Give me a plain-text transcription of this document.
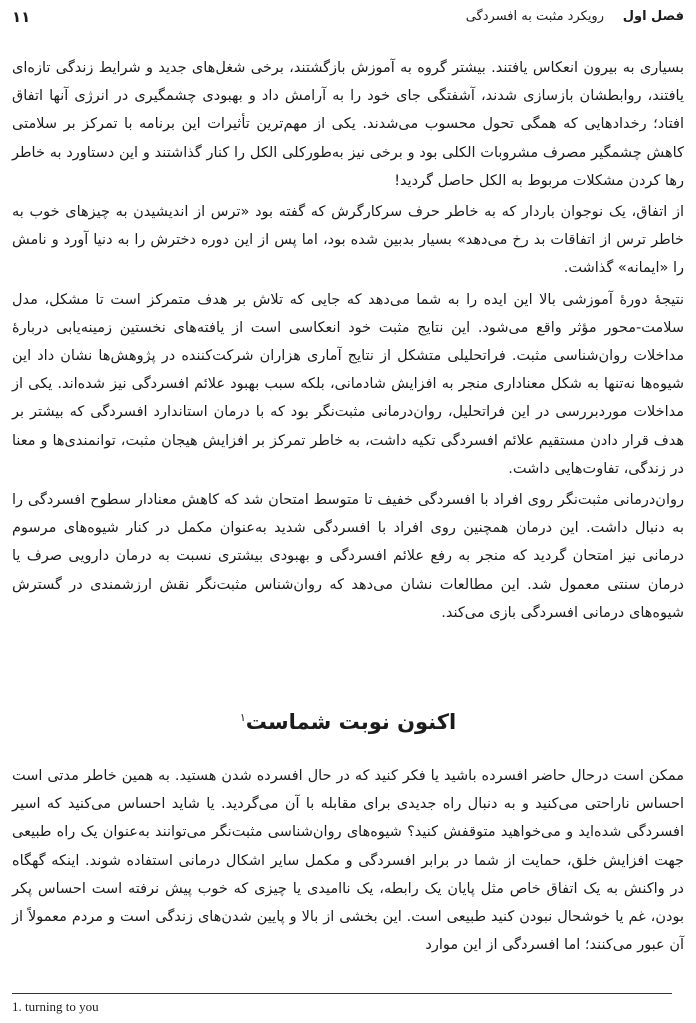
۱۱	رویکرد مثبت به افسردگی فصل اول

بسیاری به بیرون انعکاس یافتند. بیشتر گروه به آموزش بازگشتند، برخی شغل‌های جدید و شرایط زندگی تازه‌ای یافتند، روابطشان بازسازی شدند، آشفتگی جای خود را به آرامش داد و بهبودی چشمگیری در انرژی آنها اتفاق افتاد؛ رخدادهایی که همگی تحول محسوب می‌شدند. یکی از مهم‌ترین تأثیرات این برنامه با تمرکز بر سلامتی کاهش چشمگیر مصرف مشروبات الکلی بود و برخی نیز به‌طورکلی الکل را کنار گذاشتند و این دستاورد به خاطر رها کردن مشکلات مربوط به الکل حاصل گردید!

از اتفاق، یک نوجوان باردار که به خاطر حرف سرکارگرش که گفته بود «ترس از اندیشیدن به چیزهای خوب به خاطر ترس از اتفاقات بد رخ می‌دهد» بسیار بدبین شده بود، اما پس از این دوره دخترش را به دنیا آورد و نامش را «ایمانه» گذاشت.

نتیجهٔ دورهٔ آموزشی بالا این ایده را به شما می‌دهد که جایی که تلاش بر هدف متمرکز است تا مشکل، مدل سلامت-محور مؤثر واقع می‌شود. این نتایج مثبت خود انعکاسی است از یافته‌های نخستین زمینه‌یابی دربارهٔ مداخلات روان‌شناسی مثبت. فراتحلیلی متشکل از نتایج آماری هزاران شرکت‌کننده در پژوهش‌ها نشان داد این شیوه‌ها نه‌تنها به شکل معناداری منجر به افزایش شادمانی، بلکه سبب بهبود علائم افسردگی نیز شده‌اند. یکی از مداخلات موردبررسی در این فراتحلیل، روان‌درمانی مثبت‌نگر بود که با درمان استاندارد افسردگی که بیشتر بر هدف قرار دادن مستقیم علائم افسردگی تکیه داشت، به خاطر تمرکز بر افزایش هیجان مثبت، توانمندی‌ها و معنا در زندگی، تفاوت‌هایی داشت.

روان‌درمانی مثبت‌نگر روی افراد با افسردگی خفیف تا متوسط امتحان شد که کاهش معنادار سطوح افسردگی را به دنبال داشت. این درمان همچنین روی افراد با افسردگی شدید به‌عنوان مکمل در کنار شیوه‌های مرسوم درمانی نیز امتحان گردید که منجر به رفع علائم افسردگی و بهبودی بیشتری نسبت به درمان دارویی صرف یا درمان سنتی معمول شد. این مطالعات نشان می‌دهد که روان‌شناس مثبت‌نگر نقش ارزشمندی در گسترش شیوه‌های درمانی افسردگی بازی می‌کند.

اکنون نوبت شماست$^۱$

ممکن است درحال حاضر افسرده باشید یا فکر کنید که در حال افسرده شدن هستید. به همین خاطر مدتی است احساس ناراحتی می‌کنید و به دنبال راه جدیدی برای مقابله با آن می‌گردید. یا شاید احساس می‌کنید که اسیر افسردگی شده‌اید و می‌خواهید متوقفش کنید؟ شیوه‌های روان‌شناسی مثبت‌نگر می‌توانند به‌عنوان یک راه طبیعی جهت افزایش خلق، حمایت از شما در برابر افسردگی و مکمل سایر اشکال درمانی استفاده شوند. اینکه گهگاه در واکنش به یک اتفاق خاص مثل پایان یک رابطه، یک ناامیدی یا چیزی که خوب پیش نرفته است احساس پکر بودن، غم یا خوشحال نبودن کنید طبیعی است. این بخشی از بالا و پایین شدن‌های زندگی است و مردم معمولاً از آن عبور می‌کنند؛ اما افسردگی از این موارد

1. turning to you
